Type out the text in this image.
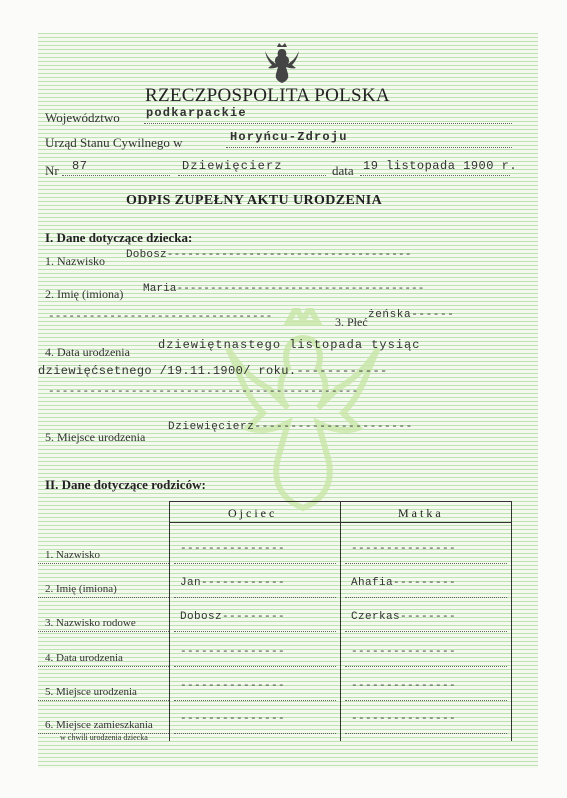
RZECZPOSPOLITA POLSKA
Województwo podkarpackie
Urząd Stanu Cywilnego w	Horyńcu-Zdroju
Nr 87	Dziewięcierz	data 19 listopada 1900 r.
ODPIS ZUPEŁNY AKTU URODZENIA
I. Dane dotyczące dziecka:
1. Nazwisko Dobosz------------------------------------
2. Imię (imiona) Maria-------------------------------------
---------------------------------	3. Płeć żeńska------
4. Data urodzenia dziewiętnastego listopada tysiąc
dziewięćsetnego /19.11.1900/ roku.------------
---------------------------------------------
5. Miejsce urodzenia
Dziewięcierz----------------------
II. Dane dotyczące rodziców:
O j c i e c	M a t k a
1. Nazwisko	---------------	---------------
2. Imię (imiona)	Jan------------	Ahafia---------
3. Nazwisko rodowe	Dobosz---------	Czerkas--------
4. Data urodzenia	---------------	---------------
5. Miejsce urodzenia	---------------	---------------
6. Miejsce zamieszkania ---------------	---------------
w chwili urodzenia dziecka
